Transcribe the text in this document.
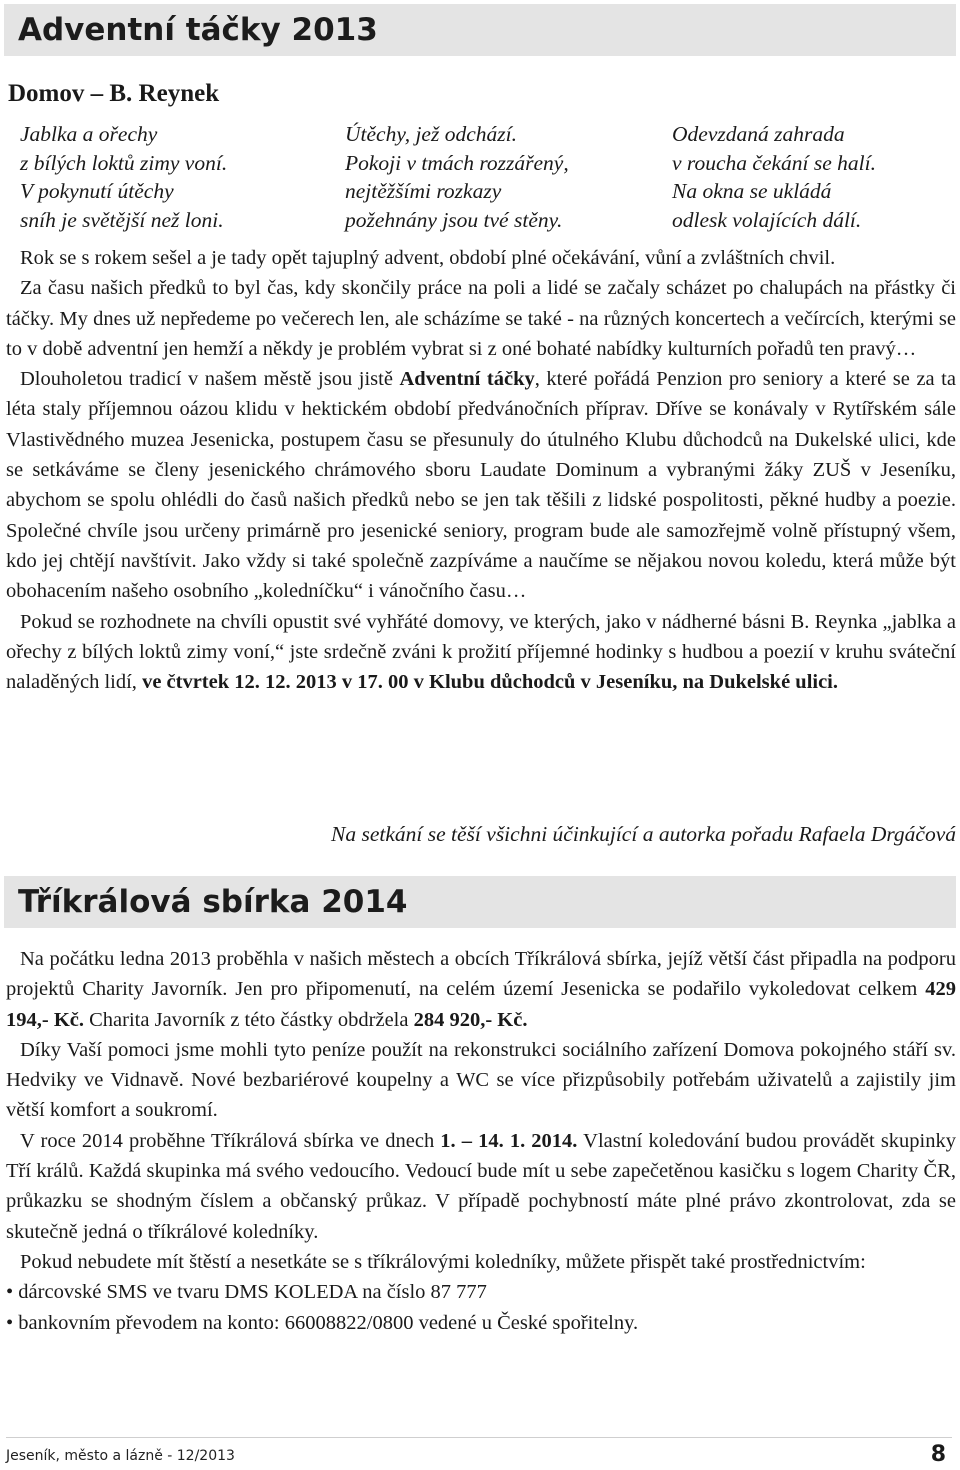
Adventní táčky 2013
Domov – B. Reynek
Jablka a ořechy
z bílých loktů zimy voní.
V pokynutí útěchy
sníh je světější než loni.
Útěchy, jež odchází.
Pokoji v tmách rozzářený,
nejtěžšími rozkazy
požehnány jsou tvé stěny.
Odevzdaná zahrada
v roucha čekání se halí.
Na okna se ukládá
odlesk volajících dálí.

Rok se s rokem sešel a je tady opět tajuplný advent, období plné očekávání, vůní a zvláštních chvil.

Za času našich předků to byl čas, kdy skončily práce na poli a lidé se začaly scházet po chalupách na přástky či táčky. My dnes už nepředeme po večerech len, ale scházíme se také - na různých koncertech a večírcích, kterými se to v době adventní jen hemží a někdy je problém vybrat si z oné bohaté nabídky kulturních pořadů ten pravý…

Dlouholetou tradicí v našem městě jsou jistě Adventní táčky, které pořádá Penzion pro seniory a které se za ta léta staly příjemnou oázou klidu v hektickém období předvánočních příprav. Dříve se konávaly v Rytířském sále Vlastivědného muzea Jesenicka, postupem času se přesunuly do útulného Klubu důchodců na Dukelské ulici, kde se setkáváme se členy jesenického chrámového sboru Laudate Dominum a vybranými žáky ZUŠ v Jeseníku, abychom se spolu ohlédli do časů našich předků nebo se jen tak těšili z lidské pospolitosti, pěkné hudby a poezie. Společné chvíle jsou určeny primárně pro jesenické seniory, program bude ale samozřejmě volně přístupný všem, kdo jej chtějí navštívit. Jako vždy si také společně zazpíváme a naučíme se nějakou novou koledu, která může být obohacením našeho osobního „koledníčku“ i vánočního času…

Pokud se rozhodnete na chvíli opustit své vyhřáté domovy, ve kterých, jako v nádherné básni B. Reynka „jablka a ořechy z bílých loktů zimy voní,“ jste srdečně zváni k prožití příjemné hodinky s hudbou a poezií v kruhu sváteční naladěných lidí, ve čtvrtek 12. 12. 2013 v 17. 00 v Klubu důchodců v Jeseníku, na Dukelské ulici.

Na setkání se těší všichni účinkující a autorka pořadu Rafaela Drgáčová
Tříkrálová sbírka 2014

Na počátku ledna 2013 proběhla v našich městech a obcích Tříkrálová sbírka, jejíž větší část připadla na podporu projektů Charity Javorník. Jen pro připomenutí, na celém území Jesenicka se podařilo vykoledovat celkem 429 194,- Kč. Charita Javorník z této částky obdržela 284 920,- Kč.

Díky Vaší pomoci jsme mohli tyto peníze použít na rekonstrukci sociálního zařízení Domova pokojného stáří sv. Hedviky ve Vidnavě. Nové bezbariérové koupelny a WC se více přizpůsobily potřebám uživatelů a zajistily jim větší komfort a soukromí.

V roce 2014 proběhne Tříkrálová sbírka ve dnech 1. – 14. 1. 2014. Vlastní koledování budou provádět skupinky Tří králů. Každá skupinka má svého vedoucího. Vedoucí bude mít u sebe zapečetěnou kasičku s logem Charity ČR, průkazku se shodným číslem a občanský průkaz. V případě pochybností máte plné právo zkontrolovat, zda se skutečně jedná o tříkrálové koledníky.

Pokud nebudete mít štěstí a nesetkáte se s tříkrálovými koledníky, můžete přispět také prostřednictvím:

• dárcovské SMS ve tvaru DMS KOLEDA na číslo 87 777
• bankovním převodem na konto: 66008822/0800 vedené u České spořitelny.
Jeseník, město a lázně - 12/2013	8
